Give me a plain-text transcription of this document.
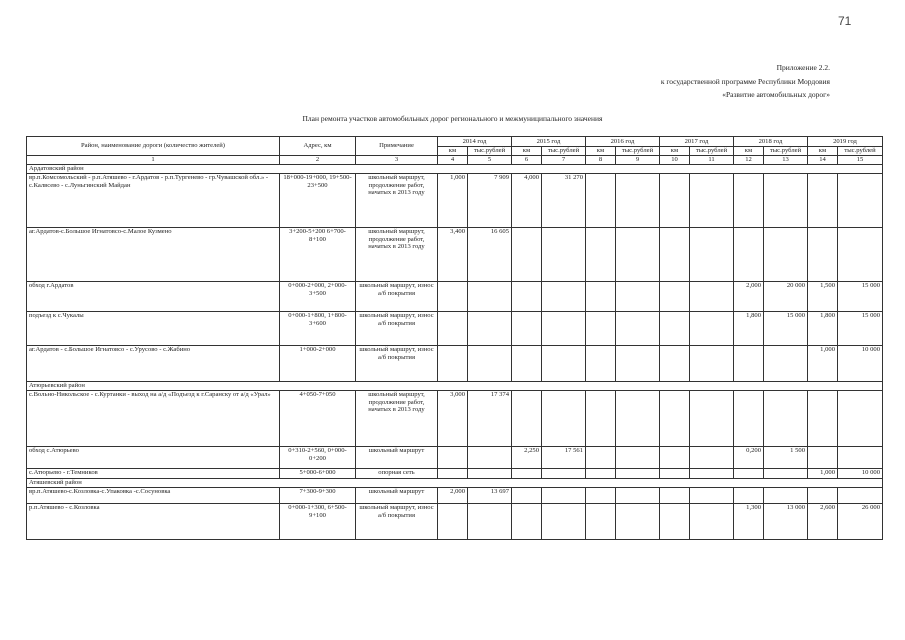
71
Приложение 2.2.
к государственной программе Республики Мордовия
«Развитие автомобильных дорог»
План ремонта участков автомобильных дорог регионального и межмуниципального значения
Район, наименование дороги (количество жителей)	Адрес, км	Примечание	2014 год		2015 год		2016 год		2017 год		2018 год		2019 год	
			км	тыс.рублей	км	тыс.рублей	км	тыс.рублей	км	тыс.рублей	км	тыс.рублей	км	тыс.рублей
1	2	3	4	5	6	7	8	9	10	11	12	13	14	15
Ардатовский район														
вр.п.Комсомольский - р.п.Атяшево - г.Ардатов - р.п.Тургенево - гр.Чувашской обл.» - с.Калвсево - с.Луньгинский Майдан	18+000-19+000, 19+500-23+500	школьный маршрут, продолжение работ, начатых в 2013 году	1,000	7 909	4,000	31 270								
аг.Ардатов-с.Большое Игнатовсо-с.Малое Кузмено	3+200-5+200 6+700-8+100	школьный маршрут, продолжение работ, начатых в 2013 году	3,400	16 605										
обход г.Ардатов	0+000-2+000, 2+000-3+500	школьный маршрут, износ а/б покрытия									2,000	20 000	1,500	15 000
подъезд к с.Чукалы	0+000-1+800, 1+800-3+600	школьный маршрут, износ а/б покрытия									1,800	15 000	1,800	15 000
аг.Ардатов - с.Большое Игнатовсо - с.Урусово - с.Жабино	1+000-2+000	школьный маршрут, износ а/б покрытия											1,000	10 000
Атюрьевский район														
с.Вольно-Никольское - с.Куртанки - выход на а/д «Подъезд к г.Саранску от а/д «Урал»	4+050-7+050	школьный маршрут, продолжение работ, начатых в 2013 году	3,000	17 374										
обход с.Атюрьево	0+310-2+560, 0+000-0+200	школьный маршрут			2,250	17 561					0,200	1 500		
с.Атюрьево - г.Темников	5+000-6+000	опорная сеть											1,000	10 000
Атяшевский район														
вр.п.Атяшево-с.Козловка-с.Упаковка -с.Сосуновка	7+300-9+300	школьный маршрут	2,000	13 697										
р.п.Атяшево - с.Козловка	0+000-1+300, 6+500-9+100	школьный маршрут, износ а/б покрытия									1,300	13 000	2,600	26 000
